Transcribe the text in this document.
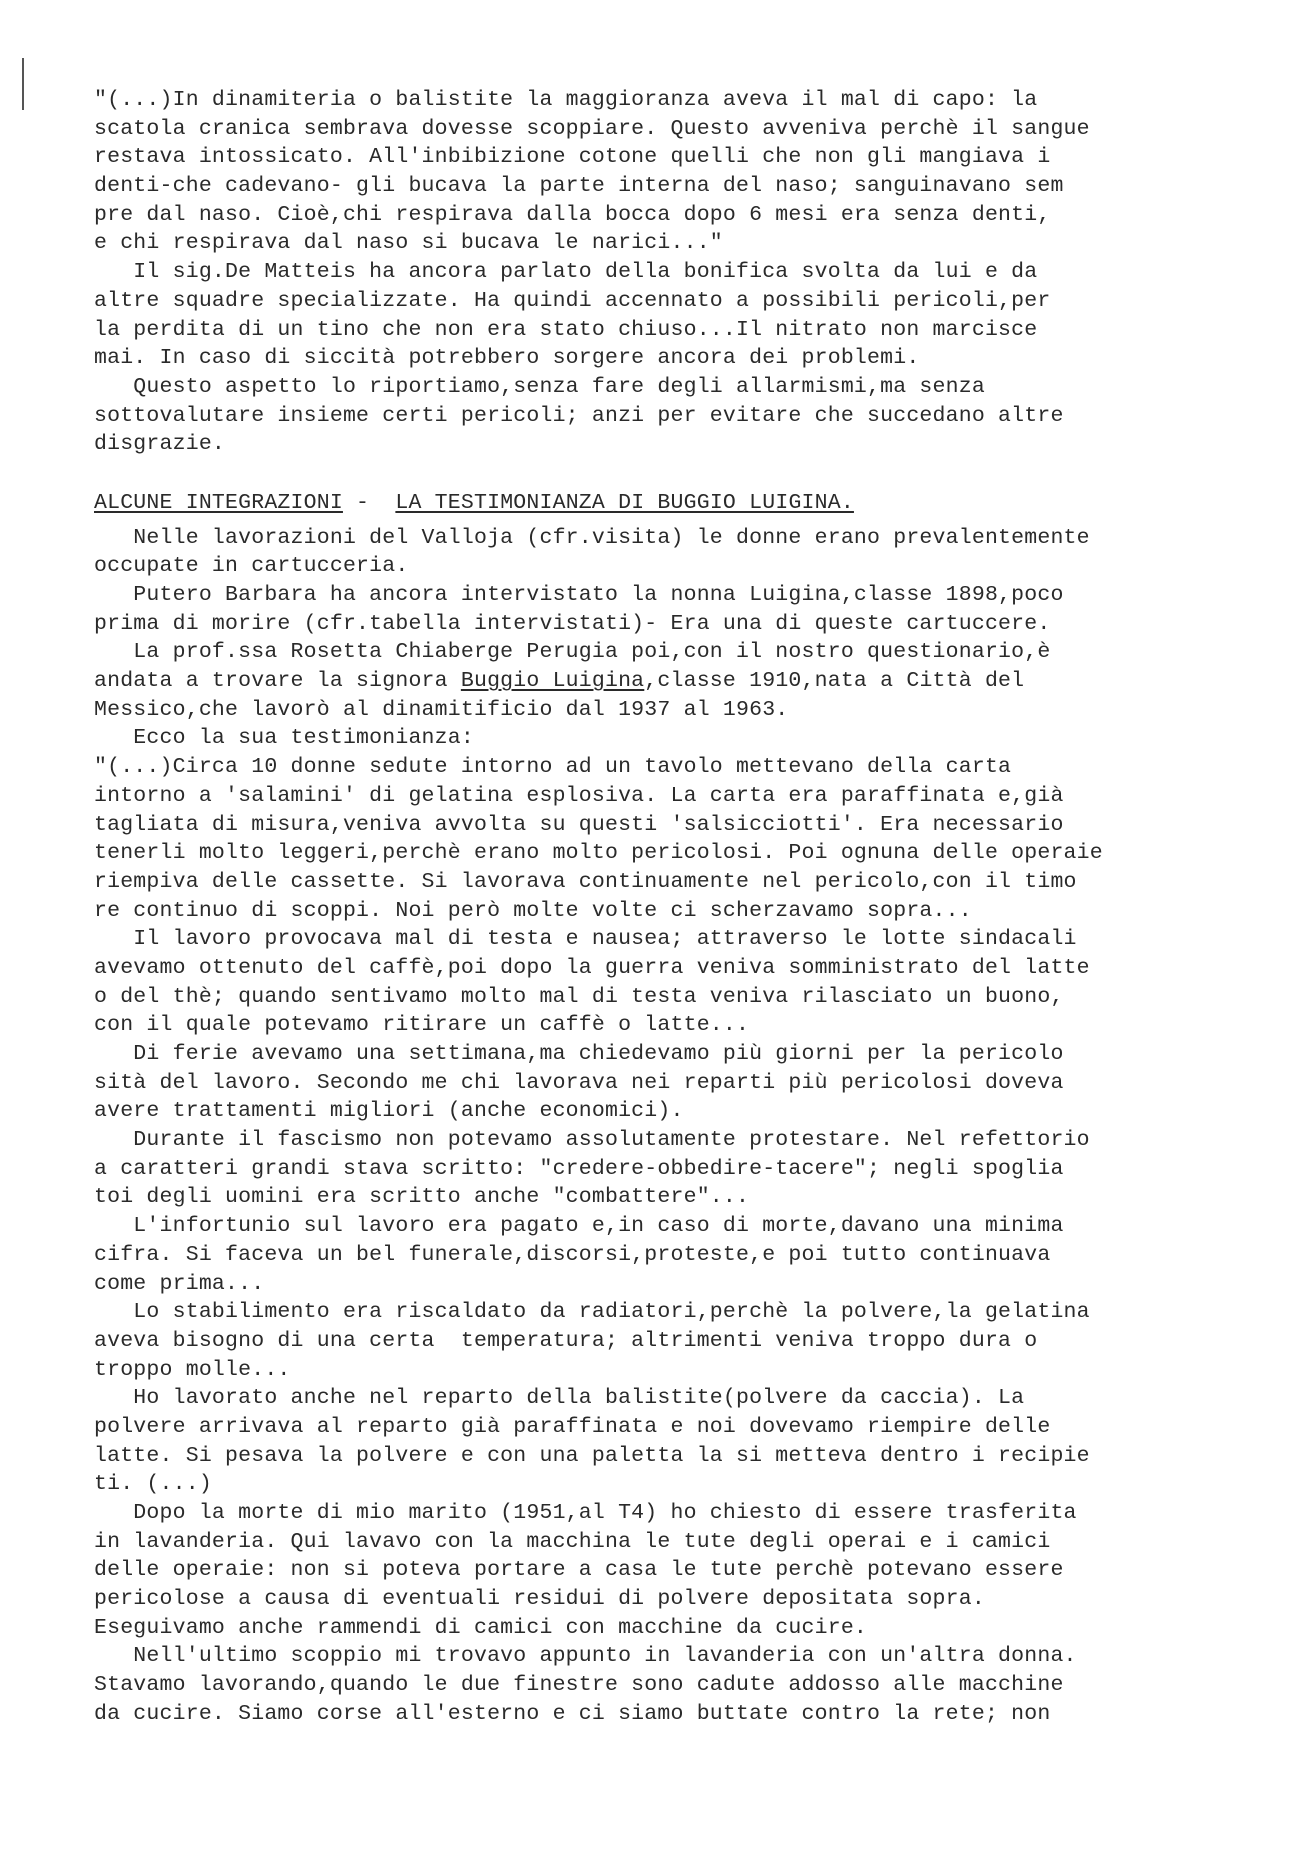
"(...)In dinamiteria o balistite la maggioranza aveva il mal di capo: la
scatola cranica sembrava dovesse scoppiare. Questo avveniva perchè il sangue
restava intossicato. All'inbibizione cotone quelli che non gli mangiava i
denti-che cadevano- gli bucava la parte interna del naso; sanguinavano sem
pre dal naso. Cioè,chi respirava dalla bocca dopo 6 mesi era senza denti,
e chi respirava dal naso si bucava le narici..."
Il sig.De Matteis ha ancora parlato della bonifica svolta da lui e da
altre squadre specializzate. Ha quindi accennato a possibili pericoli,per
la perdita di un tino che non era stato chiuso...Il nitrato non marcisce
mai. In caso di siccità potrebbero sorgere ancora dei problemi.
Questo aspetto lo riportiamo,senza fare degli allarmismi,ma senza
sottovalutare insieme certi pericoli; anzi per evitare che succedano altre
disgrazie.
ALCUNE INTEGRAZIONI -  LA TESTIMONIANZA DI BUGGIO LUIGINA.
Nelle lavorazioni del Valloja (cfr.visita) le donne erano prevalentemente
occupate in cartucceria.
Putero Barbara ha ancora intervistato la nonna Luigina,classe 1898,poco
prima di morire (cfr.tabella intervistati)- Era una di queste cartuccere.
La prof.ssa Rosetta Chiaberge Perugia poi,con il nostro questionario,è
andata a trovare la signora Buggio Luigina,classe 1910,nata a Città del
Messico,che lavorò al dinamitificio dal 1937 al 1963.
Ecco la sua testimonianza:
"(...)Circa 10 donne sedute intorno ad un tavolo mettevano della carta
intorno a 'salamini' di gelatina esplosiva. La carta era paraffinata e,già
tagliata di misura,veniva avvolta su questi 'salsicciotti'. Era necessario
tenerli molto leggeri,perchè erano molto pericolosi. Poi ognuna delle operaie
riempiva delle cassette. Si lavorava continuamente nel pericolo,con il timo
re continuo di scoppi. Noi però molte volte ci scherzavamo sopra...
Il lavoro provocava mal di testa e nausea; attraverso le lotte sindacali
avevamo ottenuto del caffè,poi dopo la guerra veniva somministrato del latte
o del thè; quando sentivamo molto mal di testa veniva rilasciato un buono,
con il quale potevamo ritirare un caffè o latte...
Di ferie avevamo una settimana,ma chiedevamo più giorni per la pericolo
sità del lavoro. Secondo me chi lavorava nei reparti più pericolosi doveva
avere trattamenti migliori (anche economici).
Durante il fascismo non potevamo assolutamente protestare. Nel refettorio
a caratteri grandi stava scritto: "credere-obbedire-tacere"; negli spoglia
toi degli uomini era scritto anche "combattere"...
L'infortunio sul lavoro era pagato e,in caso di morte,davano una minima
cifra. Si faceva un bel funerale,discorsi,proteste,e poi tutto continuava
come prima...
Lo stabilimento era riscaldato da radiatori,perchè la polvere,la gelatina
aveva bisogno di una certa  temperatura; altrimenti veniva troppo dura o
troppo molle...
Ho lavorato anche nel reparto della balistite(polvere da caccia). La
polvere arrivava al reparto già paraffinata e noi dovevamo riempire delle
latte. Si pesava la polvere e con una paletta la si metteva dentro i recipie
ti. (...)
Dopo la morte di mio marito (1951,al T4) ho chiesto di essere trasferita
in lavanderia. Qui lavavo con la macchina le tute degli operai e i camici
delle operaie: non si poteva portare a casa le tute perchè potevano essere
pericolose a causa di eventuali residui di polvere depositata sopra.
Eseguivamo anche rammendi di camici con macchine da cucire.
Nell'ultimo scoppio mi trovavo appunto in lavanderia con un'altra donna.
Stavamo lavorando,quando le due finestre sono cadute addosso alle macchine
da cucire. Siamo corse all'esterno e ci siamo buttate contro la rete; non
